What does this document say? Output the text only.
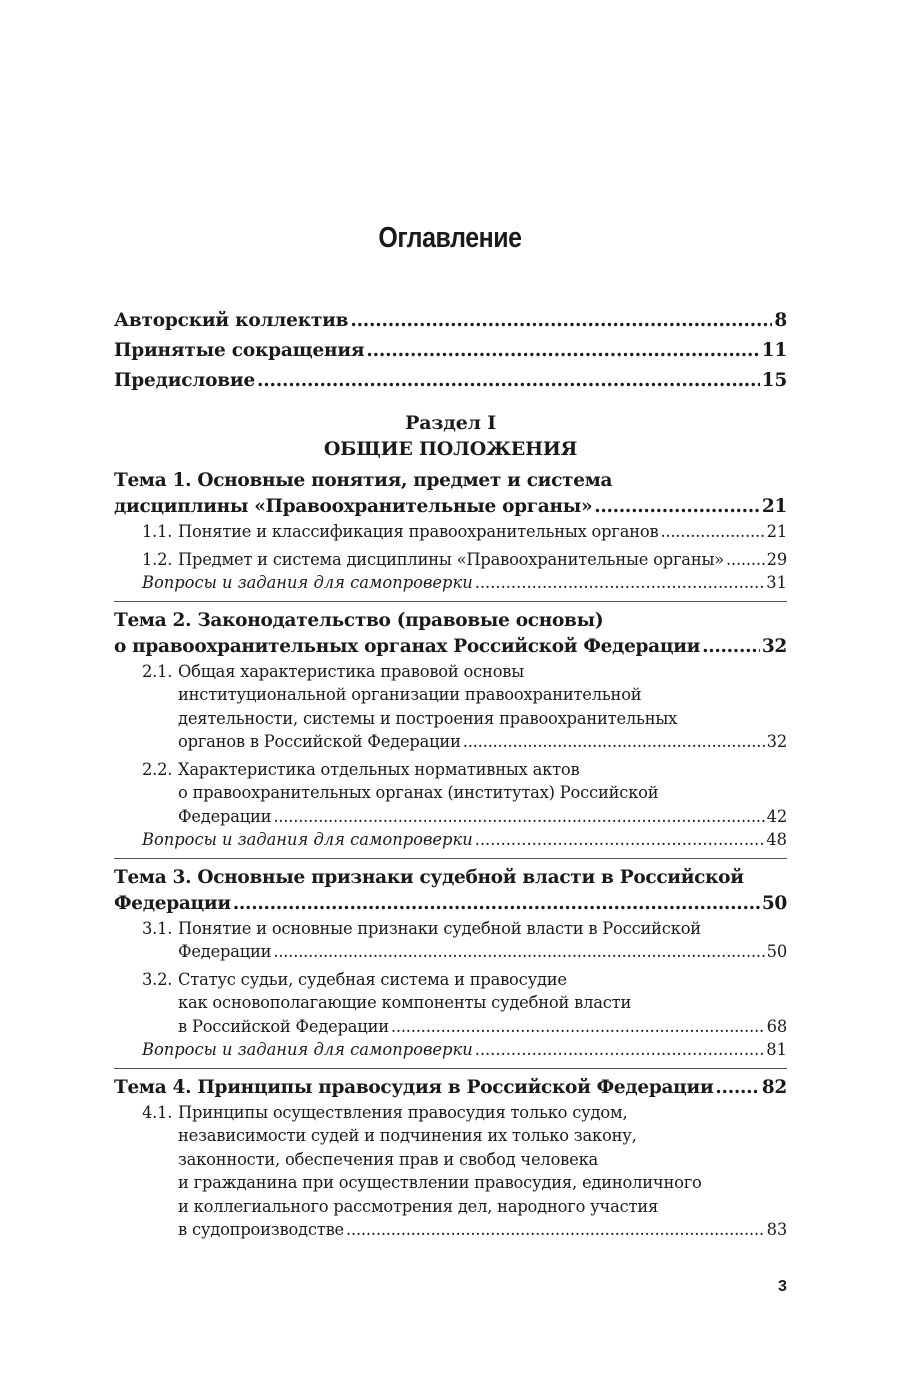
Оглавление
Авторский коллектив .....	8
Принятые сокращения .....	11
Предисловие .....	15
Раздел I
ОБЩИЕ ПОЛОЖЕНИЯ
Тема 1. Основные понятия, предмет и система
дисциплины «Правоохранительные органы» .....	21
1.1. Понятие и классификация правоохранительных органов .....	21
1.2. Предмет и система дисциплины «Правоохранительные органы» .....	29
Вопросы и задания для самопроверки .....	31
Тема 2. Законодательство (правовые основы)
о правоохранительных органах Российской Федерации .....	32
2.1. Общая характеристика правовой основы
институциональной организации правоохранительной
деятельности, системы и построения правоохранительных
органов в Российской Федерации .....	32
2.2. Характеристика отдельных нормативных актов
о правоохранительных органах (институтах) Российской
Федерации .....	42
Вопросы и задания для самопроверки .....	48
Тема 3. Основные признаки судебной власти в Российской
Федерации .....	50
3.1. Понятие и основные признаки судебной власти в Российской
Федерации .....	50
3.2. Статус судьи, судебная система и правосудие
как основополагающие компоненты судебной власти
в Российской Федерации .....	68
Вопросы и задания для самопроверки .....	81
Тема 4. Принципы правосудия в Российской Федерации .....	82
4.1. Принципы осуществления правосудия только судом,
независимости судей и подчинения их только закону,
законности, обеспечения прав и свобод человека
и гражданина при осуществлении правосудия, единоличного
и коллегиального рассмотрения дел, народного участия
в судопроизводстве .....	83
3
